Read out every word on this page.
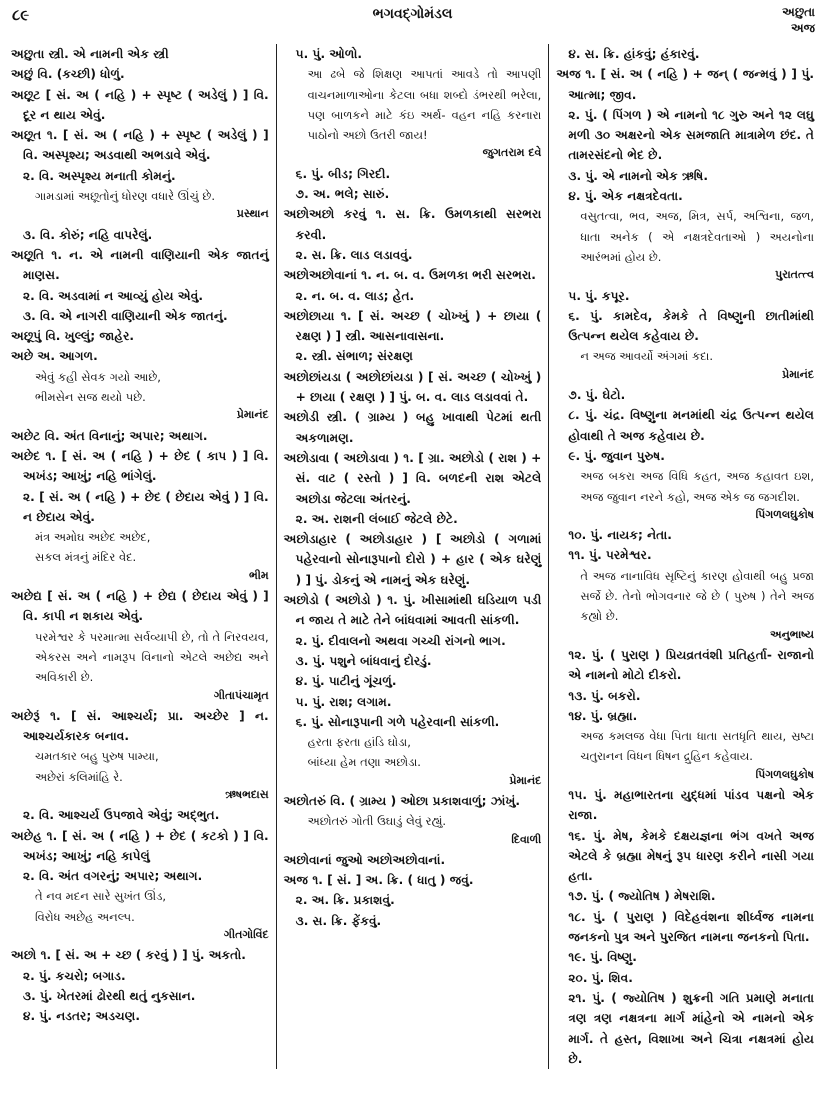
૮૯	ભગવદ્ગોમંડલ	અછુતા
અજ
અછુતા સ્ત્રી. એ નામની એક સ્ત્રી
અછું વિ. (કચ્છી) ધોળું.
અછૂટ [ સં. અ ( નહિ ) + સ્પૃષ્ટ ( અડેલું ) ] વિ. દૂર ન થાય એવું.
અછૂત ૧. [ સં. અ ( નહિ ) + સ્પૃષ્ટ ( અડેલું ) ] વિ. અસ્પૃશ્ય; અડવાથી અભડાવે એવું.
૨. વિ. અસ્પૃશ્ય મનાતી કોમનું.
ગામડામાં અછૂતોનું ધોરણ વધારે ઊંચું છે.
પ્રસ્થાન
૩. વિ. કોરું; નહિ વાપરેલું.
અછૂતિ ૧. ન. એ નામની વાણિયાની એક જાતનું માણસ.
૨. વિ. અડવામાં ન આવ્યું હોય એવું.
૩. વિ. એ નાગરી વાણિયાની એક જાતનું.
અછૂપું વિ. ખુલ્લું; જાહેર.
અછે અ. આગળ.
એવું કહી સેવક ગયો આછે,
ભીમસેન સજ થયો પછે.
પ્રેમાનંદ
અછેટ વિ. અંત વિનાનું; અપાર; અથાગ.
અછેદ ૧. [ સં. અ ( નહિ ) + છેદ ( કાપ ) ] વિ. અખંડ; આખું; નહિ ભાંગેલું.
૨. [ સં. અ ( નહિ ) + છેદ ( છેદાય એવું ) ] વિ. ન છેદાય એવું.
મંત્ર અમોઘ અછેદ અછેદ,
સકલ મંત્રનું મંદિર વેદ.
ભીમ
અછેદ્ય [ સં. અ ( નહિ ) + છેદ્ય ( છેદાય એવું ) ] વિ. કાપી ન શકાય એવું.
પરમેશ્વર કે પરમાત્મા સર્વવ્યાપી છે, તો તે નિરવયવ, એકરસ અને નામરૂપ વિનાનો એટલે અછેદ્ય અને અવિકારી છે.
ગીતાપંચામૃત
અછેરૂં ૧. [ સં. આશ્ચર્ય; પ્રા. અચ્છેર ] ન. આશ્ચર્યકારક બનાવ.
ચમતકાર બહુ પુરુષ પામ્યા,
અછેરાં કલિમાંહિ રે.
ઋષભદાસ
૨. વિ. આશ્ચર્ય ઉપજાવે એવું; અદ્ભુત.
અછેહ ૧. [ સં. અ ( નહિ ) + છેદ ( કટકો ) ] વિ. અખંડ; આખું; નહિ કાપેલું
૨. વિ. અંત વગરનું; અપાર; અથાગ.
તે નવ મદન સારે સુખંત ઊંડ,
વિરોધ અછેહ અનલ્પ.
ગીતગોવિંદ
અછો ૧. [ સં. અ + ચ્છ ( કરવું ) ] પું. અકતો.
૨. પું. કચરો; બગાડ.
૩. પું. ખેતરમાં ઢોરથી થતું નુકસાન.
૪. પું. નડતર; અડચણ.
૫. પું. ઓળો.
આ ઢબે જે શિક્ષણ આપતાં આવડે તો આપણી વાચનમાળાઓના કેટલા બધા શબ્દો ડંભરથી ભરેલા, પણ બાળકને માટે કંઇ અર્થ- વહન નહિ કરનારા પાઠોનો અછો ઉતરી જાય!
જુગતરામ દવે
૬. પું. બીડ; ગિરદી.
૭. અ. ભલે; સારું.
અછોઅછો કરવું ૧. સ. ક્રિ. ઉમળકાથી સરભરા કરવી.
૨. સ. ક્રિ. લાડ લડાવવું.
અછોઅછોવાનાં ૧. ન. બ. વ. ઉમળકા ભરી સરભરા.
૨. ન. બ. વ. લાડ; હેત.
અછોછાયા ૧. [ સં. અચ્છ ( ચોખ્ખું ) + છાયા ( રક્ષણ ) ] સ્ત્રી. આસનાવાસના.
૨. સ્ત્રી. સંભાળ; સંરક્ષણ
અછોછાંયડા ( અછોછાંયડા ) [ સં. અચ્છ ( ચોખ્ખું ) + છાયા ( રક્ષણ ) ] પું. બ. વ. લાડ લડાવવાં તે.
અછોડી સ્ત્રી. ( ગ્રામ્ય ) બહુ ખાવાથી પેટમાં થતી અકળામણ.
અછોડાવા ( અછોડાવા ) ૧. [ ગ્રા. અછોડો ( રાશ ) + સં. વાટ ( રસ્તો ) ] વિ. બળદની રાશ એટલે અછોડા જેટલા અંતરનું.
૨. અ. રાશની લંબાઈ જેટલે છેટે.
અછોડાહાર ( અછોડાહાર ) [ અછોડો ( ગળામાં પહેરવાનો સોનારૂપાનો દોરો ) + હાર ( એક ઘરેણું ) ] પું. ડોકનું એ નામનું એક ઘરેણું.
અછોડો ( અછોડો ) ૧. પું. ખીસામાંથી ઘડિયાળ પડી ન જાય તે માટે તેને બાંધવામાં આવતી સાંકળી.
૨. પું. દીવાલનો અથવા ગચ્ચી રાંગનો ભાગ.
૩. પું. પશુને બાંધવાનું દોરડું.
૪. પું. પાટીનું ગૂંચળું.
૫. પું. રાશ; લગામ.
૬. પું. સોનારૂપાની ગળે પહેરવાની સાંકળી.
હરતા ફરતા હાંડિ ઘોડા,
બાંધ્યા હેમ તણા અછોડા.
પ્રેમાનંદ
અછોતરું વિ. ( ગ્રામ્ય ) ઓછા પ્રકાશવાળું; ઝાંખું.
અછોતરું ગોતી ઉઘાડું લેવું રહ્યું.
દિવાળી
અછોવાનાં જુઓ અછોઅછોવાનાં.
અજ ૧. [ સં. ] અ. ક્રિ. ( ધાતુ ) જવું.
૨. અ. ક્રિ. પ્રકાશવું.
૩. સ. ક્રિ. ફેંકવું.
૪. સ. ક્રિ. હાંકવું; હંકારવું.
અજ ૧. [ સં. અ ( નહિ ) + જન્ ( જન્મવું ) ] પું. આત્મા; જીવ.
૨. પું. ( પિંગળ ) એ નામનો ૧૮ ગુરુ અને ૧૨ લઘુ મળી ૩૦ અક્ષરનો એક સમજાતિ માત્રામેળ છંદ. તે તામરસંદનો ભેદ છે.
૩. પું. એ નામનો એક ઋષિ.
૪. પું. એક નક્ષત્રદેવતા.
વસુતત્વા, ભવ, અજ, મિત્ર, સર્પ, અશ્વિના, જળ, ધાતા અનેક ( એ નક્ષત્રદેવતાઓ ) અયનોના આરંભમાં હોય છે.
પુરાતત્ત્વ
૫. પું. કપૂર.
૬. પું. કામદેવ, કેમકે તે વિષ્ણુની છાતીમાંથી ઉત્પન્ન થયેલ કહેવાય છે.
ન અજ આવર્યો અંગમાં કદા.
પ્રેમાનંદ
૭. પું. ઘેટો.
૮. પું. ચંદ્ર. વિષ્ણુના મનમાંથી ચંદ્ર ઉત્પન્ન થયેલ હોવાથી તે અજ કહેવાય છે.
૯. પું. જુવાન પુરુષ.
અજ બકરા અજ વિધિ કહત, અજ કહાવત ઇશ, અજ જુવાન નરને કહો, અજ એક જ જગદીશ.
પિંગળલઘુકોષ
૧૦. પું. નાયક; નેતા.
૧૧. પું. પરમેશ્વર.
તે અજ નાનાવિધ સૃષ્ટિનું કારણ હોવાથી બહુ પ્રજા સર્જે છે. તેનો ભોગવનાર જે છે ( પુરુષ ) તેને અજ કહ્યો છે.
અનુભાષ્ય
૧૨. પું. ( પુરાણ ) પ્રિયવ્રતવંશી પ્રતિહર્તા- રાજાનો એ નામનો મોટો દીકરો.
૧૩. પું. બકરો.
૧૪. પું. બ્રહ્મા.
અજ કમલજ વેધા પિતા ધાતા સતધૃતિ થાય, સ્રષ્ટા ચતુરાનન વિધન ધિષન દ્રુહિન કહેવાય.
પિંગળલઘુકોષ
૧૫. પું. મહાભારતના યુદ્ધમાં પાંડવ પક્ષનો એક રાજા.
૧૬. પું. મેષ, કેમકે દક્ષયજ્ઞના ભંગ વખતે અજ એટલે કે બ્રહ્મા મેષનું રૂપ ધારણ કરીને નાસી ગયા હતા.
૧૭. પું. ( જ્યોતિષ ) મેષરાશિ.
૧૮. પું. ( પુરાણ ) વિદેહવંશના શીર્ધ્વજ નામના જનકનો પુત્ર અને પુરજિત નામના જનકનો પિતા.
૧૯. પું. વિષ્ણુ.
૨૦. પું. શિવ.
૨૧. પું. ( જ્યોતિષ ) શુક્રની ગતિ પ્રમાણે મનાતા ત્રણ ત્રણ નક્ષત્રના માર્ગ માંહેનો એ નામનો એક માર્ગ. તે હસ્ત, વિશાખા અને ચિત્રા નક્ષત્રમાં હોય છે.
